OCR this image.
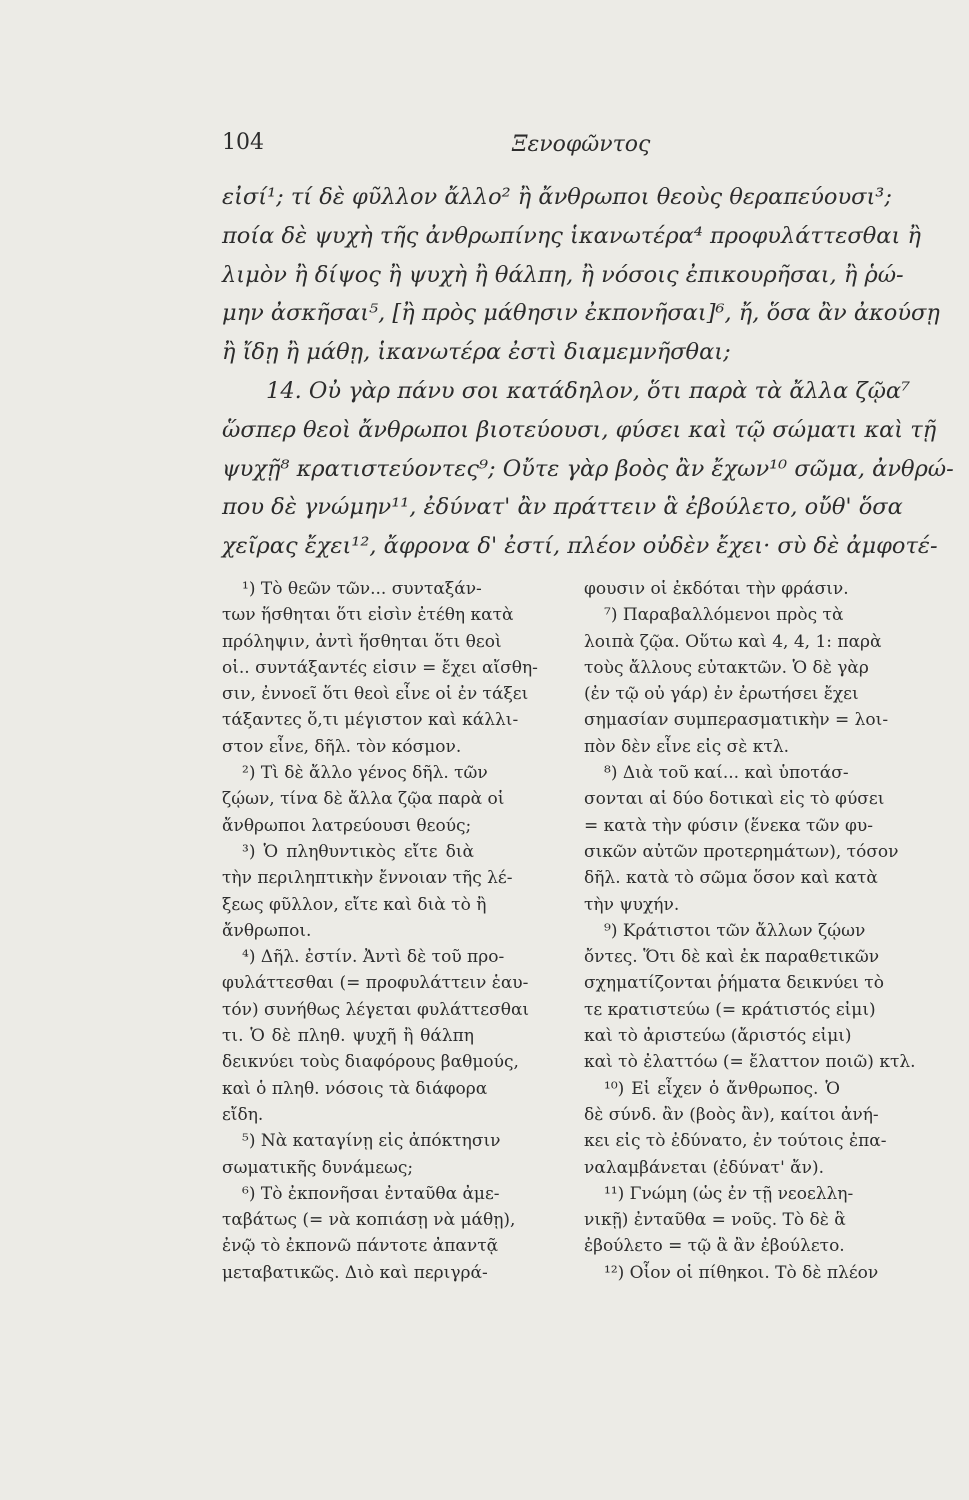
104	Ξενοφῶντος
εἰσί¹; τί δὲ φῦλλον ἄλλο² ἢ ἄνθρωποι θεοὺς θεραπεύουσι³;
ποία δὲ ψυχὴ τῆς ἀνθρωπίνης ἱκανωτέρα⁴ προφυλάττεσθαι ἢ
λιμὸν ἢ δίψος ἢ ψυχὴ ἢ θάλπη, ἢ νόσοις ἐπικουρῆσαι, ἢ ῥώ-
μην ἀσκῆσαι⁵, [ἢ πρὸς μάθησιν ἐκπονῆσαι]⁶, ἤ, ὅσα ἂν ἀκούσῃ
ἢ ἴδῃ ἢ μάθῃ, ἱκανωτέρα ἐστὶ διαμεμνῆσθαι;
14. Οὐ γὰρ πάνυ σοι κατάδηλον, ὅτι παρὰ τὰ ἄλλα ζῷα⁷
ὥσπερ θεοὶ ἄνθρωποι βιοτεύουσι, φύσει καὶ τῷ σώματι καὶ τῇ
ψυχῇ⁸ κρατιστεύοντες⁹; Οὔτε γὰρ βοὸς ἂν ἔχων¹⁰ σῶμα, ἀνθρώ-
που δὲ γνώμην¹¹, ἐδύνατ' ἂν πράττειν ἃ ἐβούλετο, οὔθ' ὅσα
χεῖρας ἔχει¹², ἄφρονα δ' ἐστί, πλέον οὐδὲν ἔχει· σὺ δὲ ἀμφοτέ-
¹) Τὸ θεῶν τῶν... συνταξάν-
των ἥσθηται ὅτι εἰσὶν ἐτέθη κατὰ
πρόληψιν, ἀντὶ ἥσθηται ὅτι θεοὶ
οἱ.. συντάξαντές εἰσιν = ἔχει αἴσθη-
σιν, ἐννοεῖ ὅτι θεοὶ εἶνε οἱ ἐν τάξει
τάξαντες ὅ,τι μέγιστον καὶ κάλλι-
στον εἶνε, δῆλ. τὸν κόσμον.
²) Τὶ δὲ ἄλλο γένος δῆλ. τῶν
ζῴων, τίνα δὲ ἄλλα ζῷα παρὰ οἱ
ἄνθρωποι λατρεύουσι θεούς;
³) Ὁ πληθυντικὸς εἴτε διὰ
τὴν περιληπτικὴν ἔννοιαν τῆς λέ-
ξεως φῦλλον, εἴτε καὶ διὰ τὸ ἢ
ἄνθρωποι.
⁴) Δῆλ. ἐστίν. Ἀντὶ δὲ τοῦ προ-
φυλάττεσθαι (= προφυλάττειν ἑαυ-
τόν) συνήθως λέγεται φυλάττεσθαι
τι. Ὁ δὲ πληθ. ψυχῆ ἢ θάλπη
δεικνύει τοὺς διαφόρους βαθμούς,
καὶ ὁ πληθ. νόσοις τὰ διάφορα
εἴδη.
⁵) Νὰ καταγίνῃ εἰς ἀπόκτησιν
σωματικῆς δυνάμεως;
⁶) Τὸ ἐκπονῆσαι ἐνταῦθα ἀμε-
ταβάτως (= νὰ κοπιάσῃ νὰ μάθῃ),
ἐνῷ τὸ ἐκπονῶ πάντοτε ἀπαντᾷ
μεταβατικῶς. Διὸ καὶ περιγρά-
φουσιν οἱ ἐκδόται τὴν φράσιν.
⁷) Παραβαλλόμενοι πρὸς τὰ
λοιπὰ ζῷα. Οὕτω καὶ 4, 4, 1: παρὰ
τοὺς ἄλλους εὐτακτῶν. Ὁ δὲ γὰρ
(ἐν τῷ οὐ γάρ) ἐν ἐρωτήσει ἔχει
σημασίαν συμπερασματικὴν = λοι-
πὸν δὲν εἶνε εἰς σὲ κτλ.
⁸) Διὰ τοῦ καί... καὶ ὑποτάσ-
σονται αἱ δύο δοτικαὶ εἰς τὸ φύσει
= κατὰ τὴν φύσιν (ἕνεκα τῶν φυ-
σικῶν αὐτῶν προτερημάτων), τόσον
δῆλ. κατὰ τὸ σῶμα ὅσον καὶ κατὰ
τὴν ψυχήν.
⁹) Κράτιστοι τῶν ἄλλων ζῴων
ὄντες. Ὅτι δὲ καὶ ἐκ παραθετικῶν
σχηματίζονται ῥήματα δεικνύει τὸ
τε κρατιστεύω (= κράτιστός εἰμι)
καὶ τὸ ἀριστεύω (ἄριστός εἰμι)
καὶ τὸ ἐλαττόω (= ἔλαττον ποιῶ) κτλ.
¹⁰) Εἰ εἶχεν ὁ ἄνθρωπος. Ὁ
δὲ σύνδ. ἂν (βοὸς ἂν), καίτοι ἀνή-
κει εἰς τὸ ἐδύνατο, ἐν τούτοις ἐπα-
ναλαμβάνεται (ἐδύνατ' ἄν).
¹¹) Γνώμη (ὡς ἐν τῇ νεοελλη-
νικῇ) ἐνταῦθα = νοῦς. Τὸ δὲ ἃ
ἐβούλετο = τῷ ἃ ἂν ἐβούλετο.
¹²) Οἷον οἱ πίθηκοι. Τὸ δὲ πλέον
